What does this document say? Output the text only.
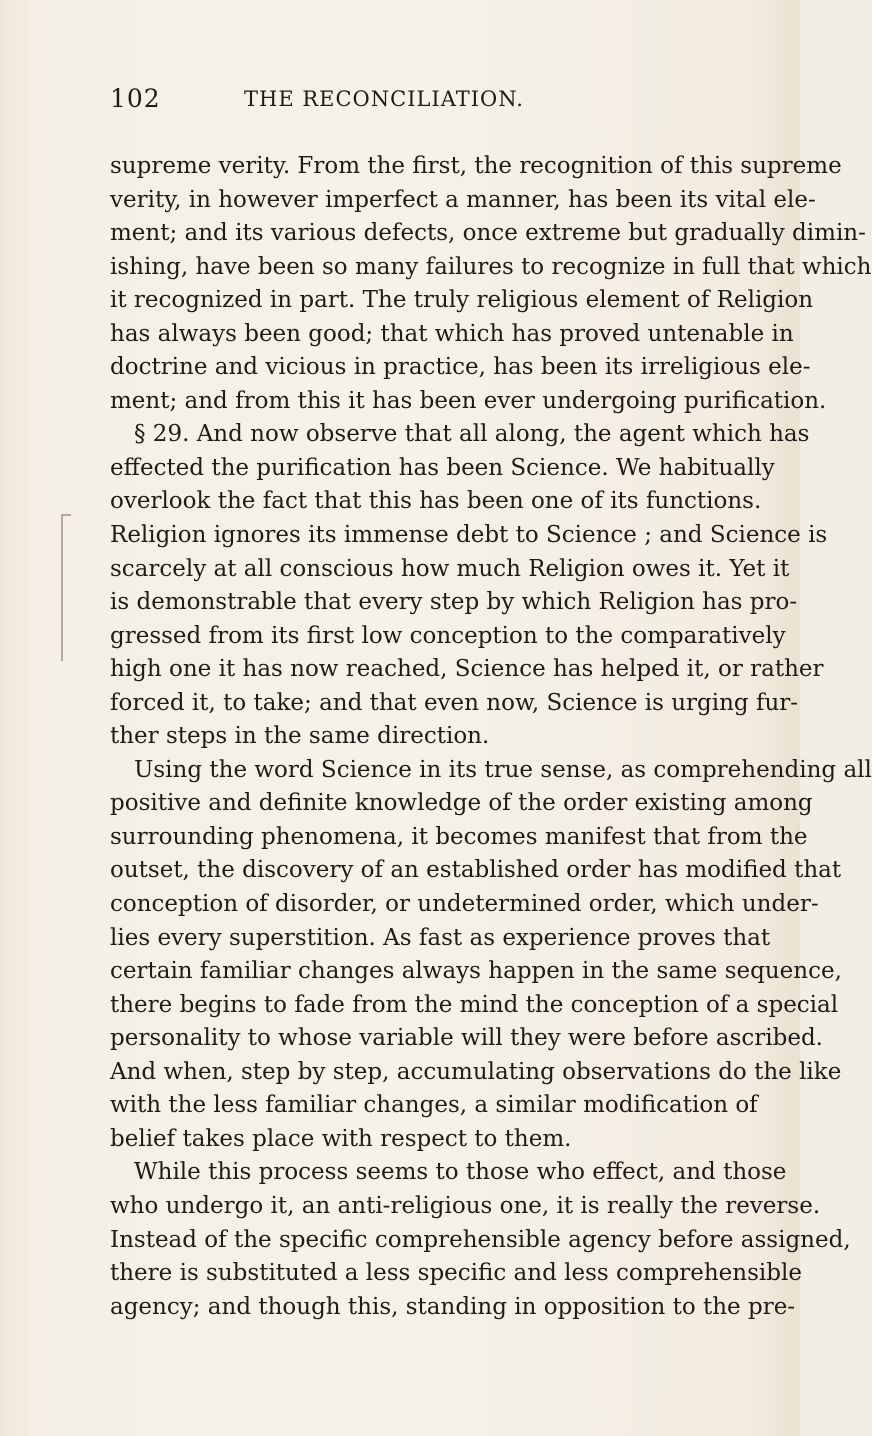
102	THE RECONCILIATION.
supreme verity. From the first, the recognition of this supreme
verity, in however imperfect a manner, has been its vital ele-
ment; and its various defects, once extreme but gradually dimin-
ishing, have been so many failures to recognize in full that which
it recognized in part. The truly religious element of Religion
has always been good; that which has proved untenable in
doctrine and vicious in practice, has been its irreligious ele-
ment; and from this it has been ever undergoing purification.
§ 29. And now observe that all along, the agent which has
effected the purification has been Science. We habitually
overlook the fact that this has been one of its functions.
Religion ignores its immense debt to Science ; and Science is
scarcely at all conscious how much Religion owes it. Yet it
is demonstrable that every step by which Religion has pro-
gressed from its first low conception to the comparatively
high one it has now reached, Science has helped it, or rather
forced it, to take; and that even now, Science is urging fur-
ther steps in the same direction.
Using the word Science in its true sense, as comprehending all
positive and definite knowledge of the order existing among
surrounding phenomena, it becomes manifest that from the
outset, the discovery of an established order has modified that
conception of disorder, or undetermined order, which under-
lies every superstition. As fast as experience proves that
certain familiar changes always happen in the same sequence,
there begins to fade from the mind the conception of a special
personality to whose variable will they were before ascribed.
And when, step by step, accumulating observations do the like
with the less familiar changes, a similar modification of
belief takes place with respect to them.
While this process seems to those who effect, and those
who undergo it, an anti-religious one, it is really the reverse.
Instead of the specific comprehensible agency before assigned,
there is substituted a less specific and less comprehensible
agency; and though this, standing in opposition to the pre-
